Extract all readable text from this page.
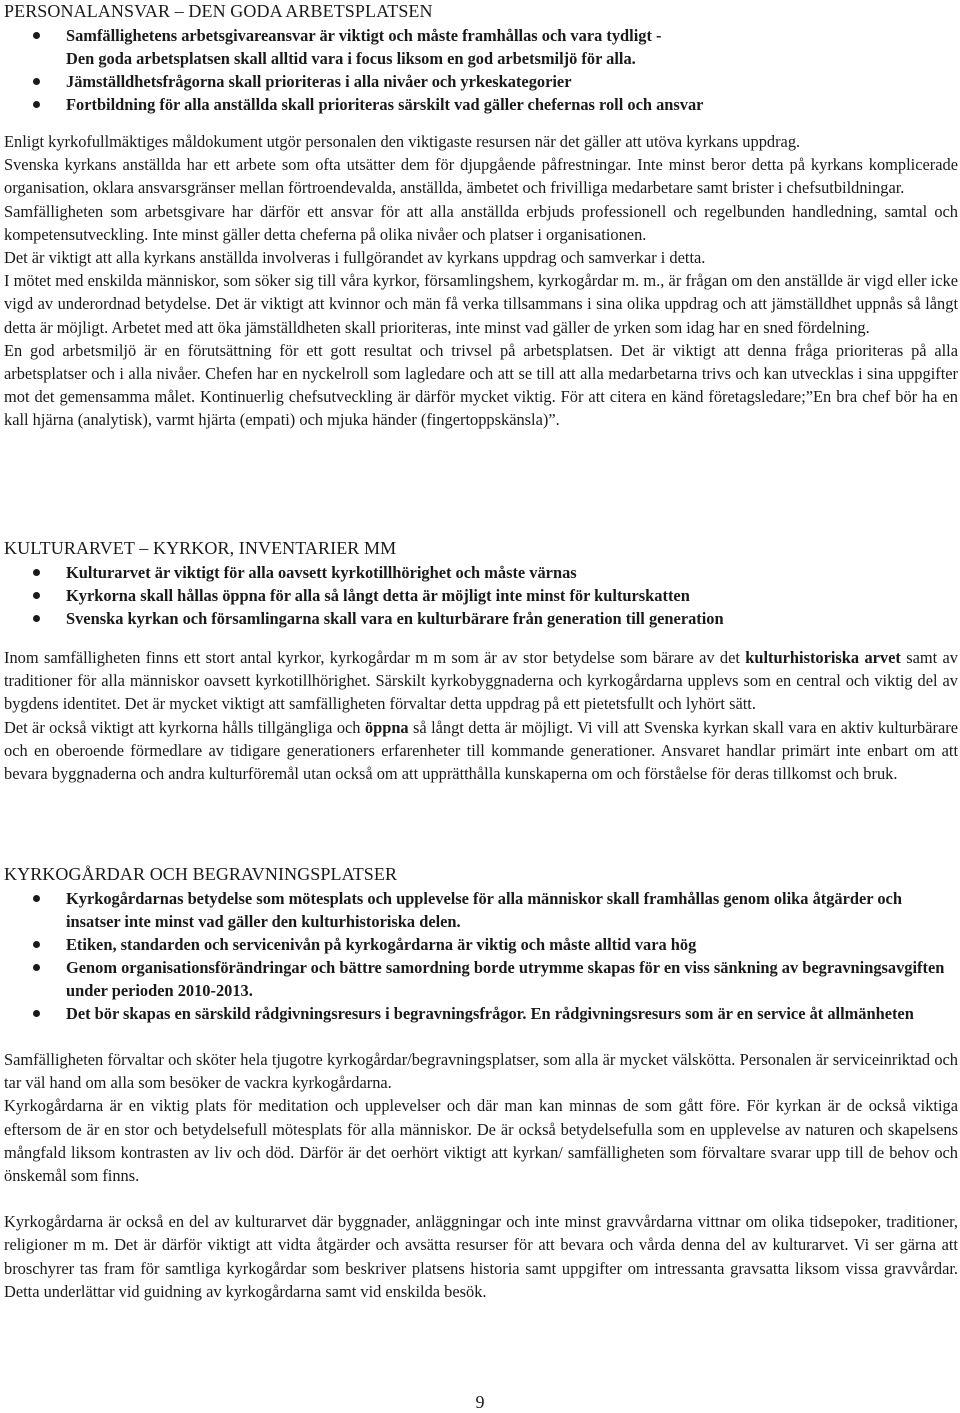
PERSONALANSVAR – DEN GODA ARBETSPLATSEN
Samfällighetens arbetsgivareansvar är viktigt och måste framhållas och vara tydligt -
Den goda arbetsplatsen skall alltid vara i focus liksom en god arbetsmiljö för alla.
Jämställdhetsfrågorna skall prioriteras i alla nivåer och yrkeskategorier
Fortbildning för alla anställda skall prioriteras särskilt vad gäller chefernas roll och ansvar

Enligt kyrkofullmäktiges måldokument utgör personalen den viktigaste resursen när det gäller att utöva kyrkans uppdrag.

Svenska kyrkans anställda har ett arbete som ofta utsätter dem för djupgående påfrestningar. Inte minst beror detta på kyrkans komplicerade organisation, oklara ansvarsgränser mellan förtroendevalda, anställda, ämbetet och frivilliga medarbetare samt brister i chefsutbildningar.

Samfälligheten som arbetsgivare har därför ett ansvar för att alla anställda erbjuds professionell och regelbunden handledning, samtal och kompetensutveckling. Inte minst gäller detta cheferna på olika nivåer och platser i organisationen.

Det är viktigt att alla kyrkans anställda involveras i fullgörandet av kyrkans uppdrag och samverkar i detta.

I mötet med enskilda människor, som söker sig till våra kyrkor, församlingshem, kyrkogårdar m. m., är frågan om den anställde är vigd eller icke vigd av underordnad betydelse. Det är viktigt att kvinnor och män få verka tillsammans i sina olika uppdrag och att jämställdhet uppnås så långt detta är möjligt. Arbetet med att öka jämställdheten skall prioriteras, inte minst vad gäller de yrken som idag har en sned fördelning.

En god arbetsmiljö är en förutsättning för ett gott resultat och trivsel på arbetsplatsen. Det är viktigt att denna fråga prioriteras på alla arbetsplatser och i alla nivåer. Chefen har en nyckelroll som lagledare och att se till att alla medarbetarna trivs och kan utvecklas i sina uppgifter mot det gemensamma målet. Kontinuerlig chefsutveckling är därför mycket viktig. För att citera en känd företagsledare;”En bra chef bör ha en kall hjärna (analytisk), varmt hjärta (empati) och mjuka händer (fingertoppskänsla)”.

KULTURARVET – KYRKOR, INVENTARIER MM
Kulturarvet är viktigt för alla oavsett kyrkotillhörighet och måste värnas
Kyrkorna skall hållas öppna för alla så långt detta är möjligt inte minst för kulturskatten
Svenska kyrkan och församlingarna skall vara en kulturbärare från generation till generation

Inom samfälligheten finns ett stort antal kyrkor, kyrkogårdar m m som är av stor betydelse som bärare av det kulturhistoriska arvet samt av traditioner för alla människor oavsett kyrkotillhörighet. Särskilt kyrkobyggnaderna och kyrkogårdarna upplevs som en central och viktig del av bygdens identitet. Det är mycket viktigt att samfälligheten förvaltar detta uppdrag på ett pietetsfullt och lyhört sätt.

Det är också viktigt att kyrkorna hålls tillgängliga och öppna så långt detta är möjligt. Vi vill att Svenska kyrkan skall vara en aktiv kulturbärare och en oberoende förmedlare av tidigare generationers erfarenheter till kommande generationer. Ansvaret handlar primärt inte enbart om att bevara byggnaderna och andra kulturföremål utan också om att upprätthålla kunskaperna om och förståelse för deras tillkomst och bruk.

KYRKOGÅRDAR OCH BEGRAVNINGSPLATSER
Kyrkogårdarnas betydelse som mötesplats och upplevelse för alla människor skall framhållas genom olika åtgärder och insatser inte minst vad gäller den kulturhistoriska delen.
Etiken, standarden och servicenivån på kyrkogårdarna är viktig och måste alltid vara hög
Genom organisationsförändringar och bättre samordning borde utrymme skapas för en viss sänkning av begravningsavgiften under perioden 2010-2013.
Det bör skapas en särskild rådgivningsresurs i begravningsfrågor. En rådgivningsresurs som är en service åt allmänheten

Samfälligheten förvaltar och sköter hela tjugotre kyrkogårdar/begravningsplatser, som alla är mycket välskötta. Personalen är serviceinriktad och tar väl hand om alla som besöker de vackra kyrkogårdarna.

Kyrkogårdarna är en viktig plats för meditation och upplevelser och där man kan minnas de som gått före. För kyrkan är de också viktiga eftersom de är en stor och betydelsefull mötesplats för alla människor. De är också betydelsefulla som en upplevelse av naturen och skapelsens mångfald liksom kontrasten av liv och död. Därför är det oerhört viktigt att kyrkan/ samfälligheten som förvaltare svarar upp till de behov och önskemål som finns.

Kyrkogårdarna är också en del av kulturarvet där byggnader, anläggningar och inte minst gravvårdarna vittnar om olika tidsepoker, traditioner, religioner m m. Det är därför viktigt att vidta åtgärder och avsätta resurser för att bevara och vårda denna del av kulturarvet. Vi ser gärna att broschyrer tas fram för samtliga kyrkogårdar som beskriver platsens historia samt uppgifter om intressanta gravsatta liksom vissa gravvårdar. Detta underlättar vid guidning av kyrkogårdarna samt vid enskilda besök.

9
